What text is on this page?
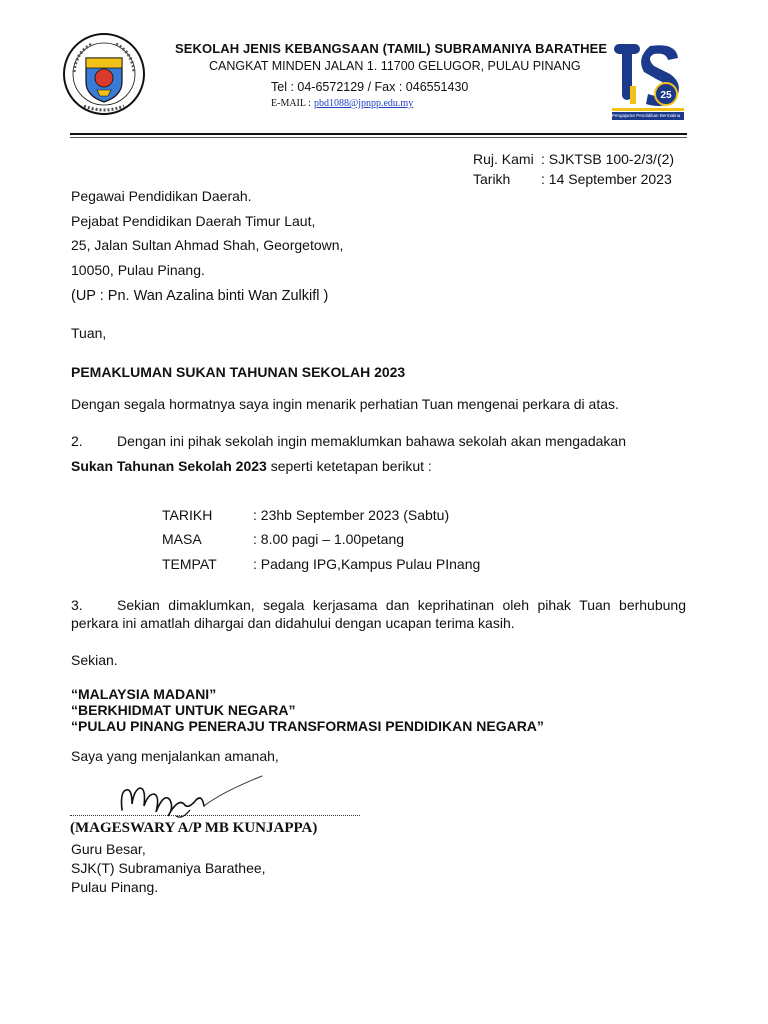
SEKOLAH JENIS KEBANGSAAN (TAMIL) SUBRAMANIYA BARATHEE
CANGKAT MINDEN JALAN 1. 11700 GELUGOR, PULAU PINANG
Tel : 04-6572129 / Fax : 046551430
E-MAIL : pbd1088@jpnpp.edu.my
25
Pengajaran Pendidikan Bermakna
Ruj. Kami : SJKTSB 100-2/3/(2)
Tarikh : 14 September 2023
Pegawai Pendidikan Daerah.
Pejabat Pendidikan Daerah Timur Laut,
25, Jalan Sultan Ahmad Shah, Georgetown,
10050, Pulau Pinang.
(UP : Pn. Wan Azalina binti Wan Zulkifl )
Tuan,
PEMAKLUMAN SUKAN TAHUNAN SEKOLAH 2023
Dengan segala hormatnya saya ingin menarik perhatian Tuan mengenai perkara di atas.
2. Dengan ini pihak sekolah ingin memaklumkan bahawa sekolah akan mengadakan
Sukan Tahunan Sekolah 2023 seperti ketetapan berikut :
TARIKH	: 23hb September 2023 (Sabtu)
MASA	: 8.00 pagi – 1.00petang
TEMPAT	: Padang IPG,Kampus Pulau PInang
3. Sekian dimaklumkan, segala kerjasama dan keprihatinan oleh pihak Tuan berhubung
perkara ini amatlah dihargai dan didahului dengan ucapan terima kasih.
Sekian.
“MALAYSIA MADANI”
“BERKHIDMAT UNTUK NEGARA”
“PULAU PINANG PENERAJU TRANSFORMASI PENDIDIKAN NEGARA”
Saya yang menjalankan amanah,
(MAGESWARY A/P MB KUNJAPPA)
Guru Besar,
SJK(T) Subramaniya Barathee,
Pulau Pinang.
